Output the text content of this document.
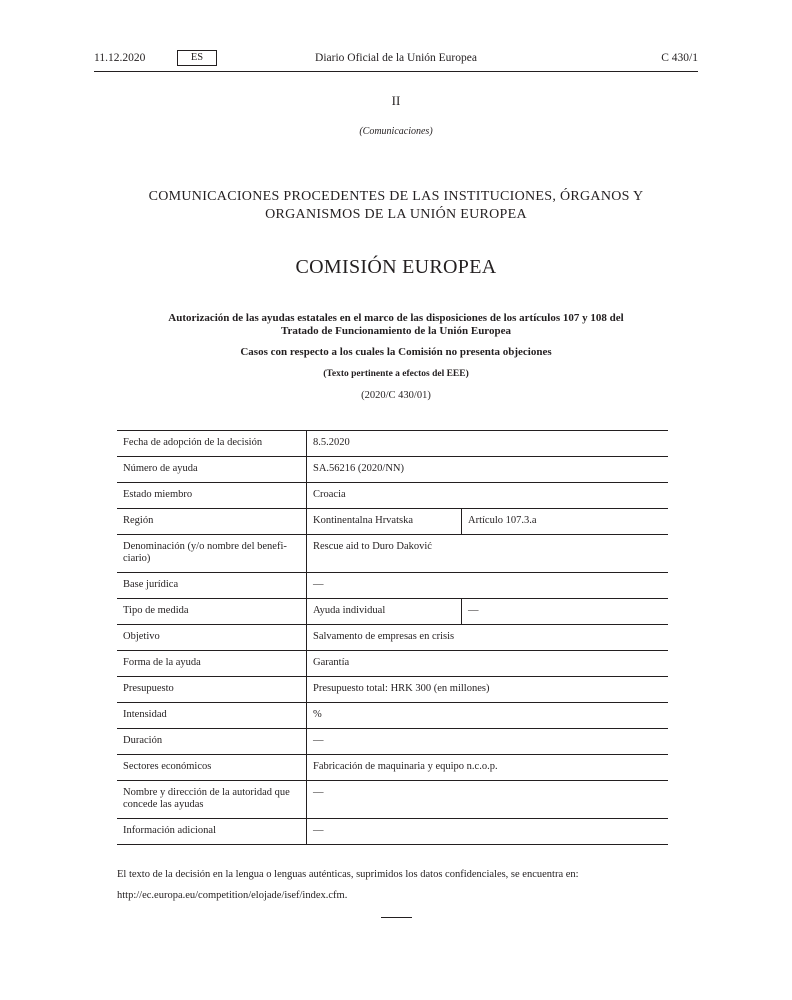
11.12.2020	ES	Diario Oficial de la Unión Europea	C 430/1
II
(Comunicaciones)
COMUNICACIONES PROCEDENTES DE LAS INSTITUCIONES, ÓRGANOS Y
ORGANISMOS DE LA UNIÓN EUROPEA
COMISIÓN EUROPEA
Autorización de las ayudas estatales en el marco de las disposiciones de los artículos 107 y 108 del
Tratado de Funcionamiento de la Unión Europea
Casos con respecto a los cuales la Comisión no presenta objeciones
(Texto pertinente a efectos del EEE)
(2020/C 430/01)
Fecha de adopción de la decisión	8.5.2020	
Número de ayuda	SA.56216 (2020/NN)	
Estado miembro	Croacia	
Región	Kontinentalna Hrvatska	Artículo 107.3.a
Denominación (y/o nombre del benefi-ciario)	Rescue aid to Duro Daković	
Base jurídica	—	
Tipo de medida	Ayuda individual	—
Objetivo	Salvamento de empresas en crisis	
Forma de la ayuda	Garantía	
Presupuesto	Presupuesto total: HRK 300 (en millones)	
Intensidad	%	
Duración	—	
Sectores económicos	Fabricación de maquinaria y equipo n.c.o.p.	
Nombre y dirección de la autoridad que concede las ayudas	—	
Información adicional	—	
El texto de la decisión en la lengua o lenguas auténticas, suprimidos los datos confidenciales, se encuentra en:
http://ec.europa.eu/competition/elojade/isef/index.cfm.
